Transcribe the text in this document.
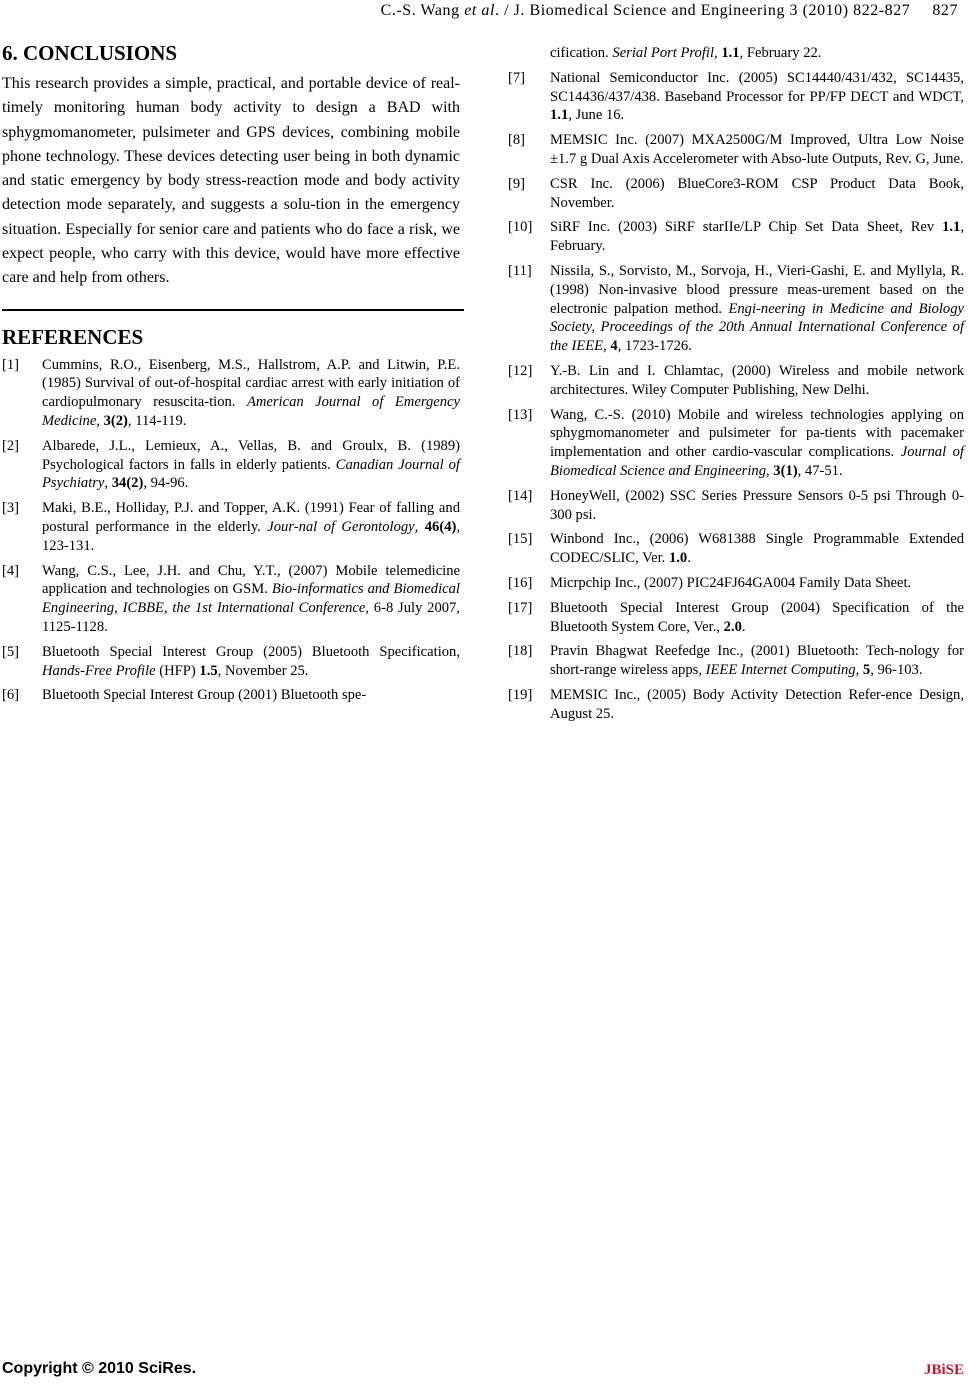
C.-S. Wang et al. / J. Biomedical Science and Engineering 3 (2010) 822-827 827
6. CONCLUSIONS

This research provides a simple, practical, and portable device of real-timely monitoring human body activity to design a BAD with sphygmomanometer, pulsimeter and GPS devices, combining mobile phone technology. These devices detecting user being in both dynamic and static emergency by body stress-reaction mode and body activity detection mode separately, and suggests a solu-tion in the emergency situation. Especially for senior care and patients who do face a risk, we expect people, who carry with this device, would have more effective care and help from others.

REFERENCES
[1] Cummins, R.O., Eisenberg, M.S., Hallstrom, A.P. and Litwin, P.E. (1985) Survival of out-of-hospital cardiac arrest with early initiation of cardiopulmonary resuscita-tion. American Journal of Emergency Medicine, 3(2), 114-119.
[2] Albarede, J.L., Lemieux, A., Vellas, B. and Groulx, B. (1989) Psychological factors in falls in elderly patients. Canadian Journal of Psychiatry, 34(2), 94-96.
[3] Maki, B.E., Holliday, P.J. and Topper, A.K. (1991) Fear of falling and postural performance in the elderly. Jour-nal of Gerontology, 46(4), 123-131.
[4] Wang, C.S., Lee, J.H. and Chu, Y.T., (2007) Mobile telemedicine application and technologies on GSM. Bio-informatics and Biomedical Engineering, ICBBE, the 1st International Conference, 6-8 July 2007, 1125-1128.
[5] Bluetooth Special Interest Group (2005) Bluetooth Specification, Hands-Free Profile (HFP) 1.5, November 25.
[6] Bluetooth Special Interest Group (2001) Bluetooth spe-
cification. Serial Port Profil, 1.1, February 22.
[7] National Semiconductor Inc. (2005) SC14440/431/432, SC14435, SC14436/437/438. Baseband Processor for PP/FP DECT and WDCT, 1.1, June 16.
[8] MEMSIC Inc. (2007) MXA2500G/M Improved, Ultra Low Noise ±1.7 g Dual Axis Accelerometer with Abso-lute Outputs, Rev. G, June.
[9] CSR Inc. (2006) BlueCore3-ROM CSP Product Data Book, November.
[10] SiRF Inc. (2003) SiRF starIIe/LP Chip Set Data Sheet, Rev 1.1, February.
[11] Nissila, S., Sorvisto, M., Sorvoja, H., Vieri-Gashi, E. and Myllyla, R. (1998) Non-invasive blood pressure meas-urement based on the electronic palpation method. Engi-neering in Medicine and Biology Society, Proceedings of the 20th Annual International Conference of the IEEE, 4, 1723-1726.
[12] Y.-B. Lin and I. Chlamtac, (2000) Wireless and mobile network architectures. Wiley Computer Publishing, New Delhi.
[13] Wang, C.-S. (2010) Mobile and wireless technologies applying on sphygmomanometer and pulsimeter for pa-tients with pacemaker implementation and other cardio-vascular complications. Journal of Biomedical Science and Engineering, 3(1), 47-51.
[14] HoneyWell, (2002) SSC Series Pressure Sensors 0-5 psi Through 0-300 psi.
[15] Winbond Inc., (2006) W681388 Single Programmable Extended CODEC/SLIC, Ver. 1.0.
[16] Micrpchip Inc., (2007) PIC24FJ64GA004 Family Data Sheet.
[17] Bluetooth Special Interest Group (2004) Specification of the Bluetooth System Core, Ver., 2.0.
[18] Pravin Bhagwat Reefedge Inc., (2001) Bluetooth: Tech-nology for short-range wireless apps, IEEE Internet Computing, 5, 96-103.
[19] MEMSIC Inc., (2005) Body Activity Detection Refer-ence Design, August 25.
Copyright © 2010 SciRes.	JBiSE
